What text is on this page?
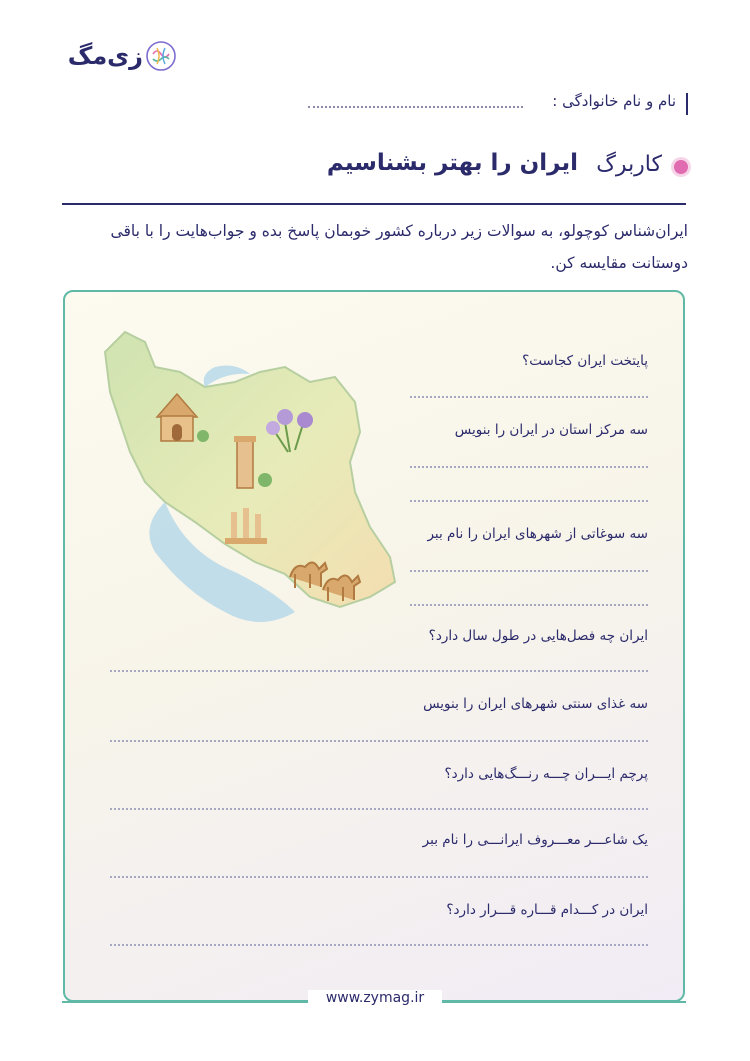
زی‌مگ
نام و نام خانوادگی :
کاربرگ
ایران را بهتر بشناسیم
ایران‌شناس کوچولو، به سوالات زیر درباره کشور خوبمان پاسخ بده و جواب‌هایت را با باقی دوستانت مقایسه کن.
پایتخت ایران کجاست؟
سه مرکز استان در ایران را بنویس
سه سوغاتی از شهرهای ایران را نام ببر
ایران چه فصل‌هایی در طول سال دارد؟
سه غذای سنتی شهرهای ایران را بنویس
پرچم ایـــران چـــه رنـــگ‌هایی دارد؟
یک شاعـــر معـــروف ایرانـــی را نام ببر
ایران در کـــدام قـــاره قـــرار دارد؟
www.zymag.ir
